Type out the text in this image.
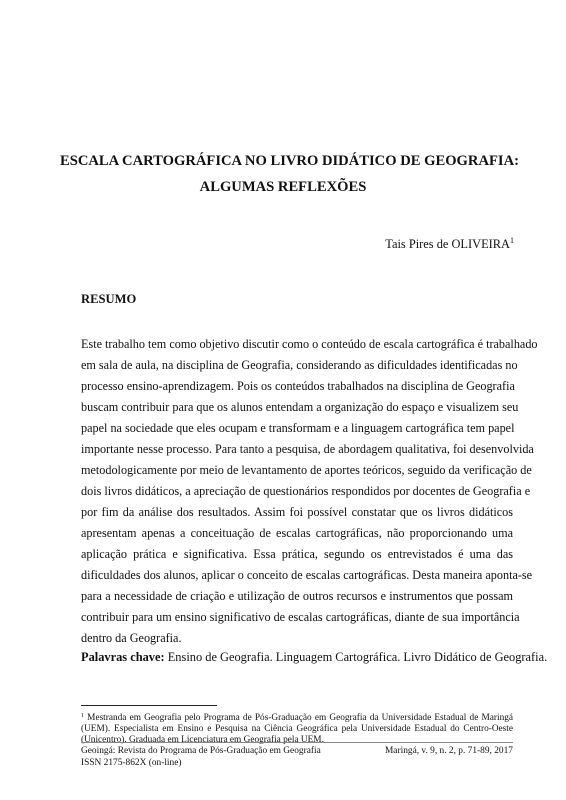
ESCALA CARTOGRÁFICA NO LIVRO DIDÁTICO DE GEOGRAFIA:
ALGUMAS REFLEXÕES
Tais Pires de OLIVEIRA$^1$
RESUMO
Este trabalho tem como objetivo discutir como o conteúdo de escala cartográfica é trabalhado
em sala de aula, na disciplina de Geografia, considerando as dificuldades identificadas no
processo ensino-aprendizagem. Pois os conteúdos trabalhados na disciplina de Geografia
buscam contribuir para que os alunos entendam a organização do espaço e visualizem seu
papel na sociedade que eles ocupam e transformam e a linguagem cartográfica tem papel
importante nesse processo. Para tanto a pesquisa, de abordagem qualitativa, foi desenvolvida
metodologicamente por meio de levantamento de aportes teóricos, seguido da verificação de
dois livros didáticos, a apreciação de questionários respondidos por docentes de Geografia e
por fim da análise dos resultados. Assim foi possível constatar que os livros didáticos
apresentam apenas a conceituação de escalas cartográficas, não proporcionando uma
aplicação prática e significativa. Essa prática, segundo os entrevistados é uma das
dificuldades dos alunos, aplicar o conceito de escalas cartográficas. Desta maneira aponta-se
para a necessidade de criação e utilização de outros recursos e instrumentos que possam
contribuir para um ensino significativo de escalas cartográficas, diante de sua importância
dentro da Geografia.
Palavras chave: Ensino de Geografia. Linguagem Cartográfica. Livro Didático de Geografia.
$^1$ Mestranda em Geografia pelo Programa de Pós-Graduação em Geografia da Universidade Estadual de Maringá
(UEM). Especialista em Ensino e Pesquisa na Ciência Geográfica pela Universidade Estadual do Centro-Oeste
(Unicentro). Graduada em Licenciatura em Geografia pela UEM.
Geoingá: Revista do Programa de Pós-Graduação em Geografia
ISSN 2175-862X (on-line)
Maringá, v. 9, n. 2, p. 71-89, 2017
